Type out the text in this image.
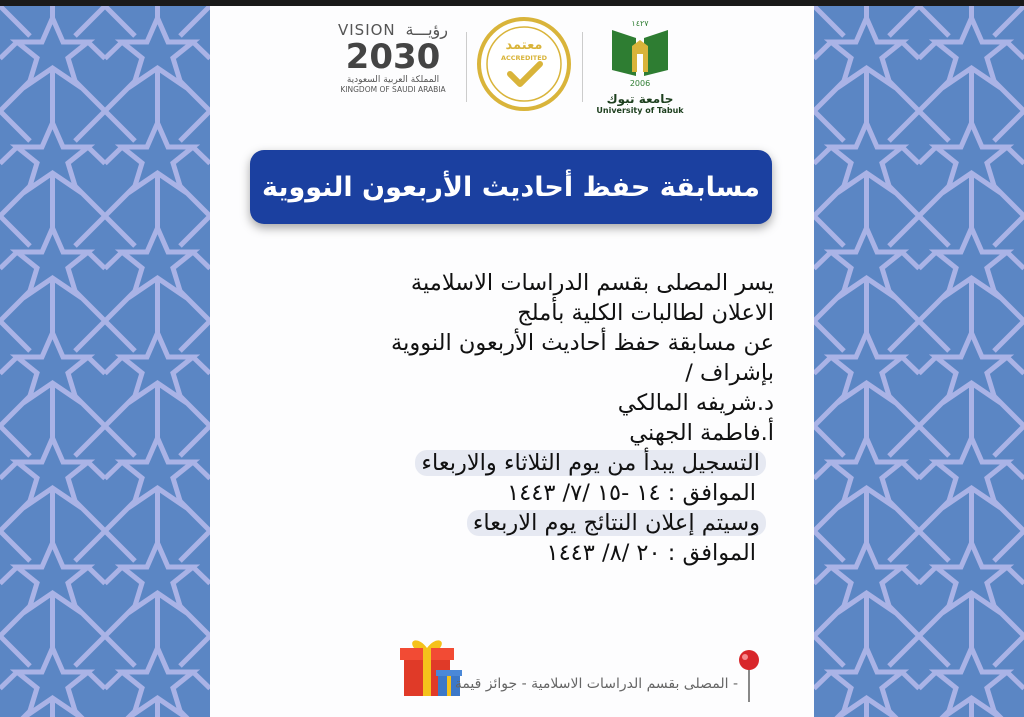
VISION رؤيـــة
2030
المملكة العربية السعودية
KINGDOM OF SAUDI ARABIA
معتمد
ACCREDITED
١٤٢٧
2006
جامعة تبوك
University of Tabuk
مسابقة حفظ أحاديث الأربعون النووية
يسر المصلى بقسم الدراسات الاسلامية
الاعلان لطالبات الكلية بأملج
عن مسابقة حفظ أحاديث الأربعون النووية
بإشراف /
د.شريفه المالكي
أ.فاطمة الجهني
التسجيل يبدأ من يوم الثلاثاء والاربعاء
الموافق : ١٤ -١٥ /٧/ ١٤٤٣
وسيتم إعلان النتائج يوم الاربعاء
الموافق : ٢٠ /٨/ ١٤٤٣
- المصلى بقسم الدراسات الاسلامية - جوائز قيمة
